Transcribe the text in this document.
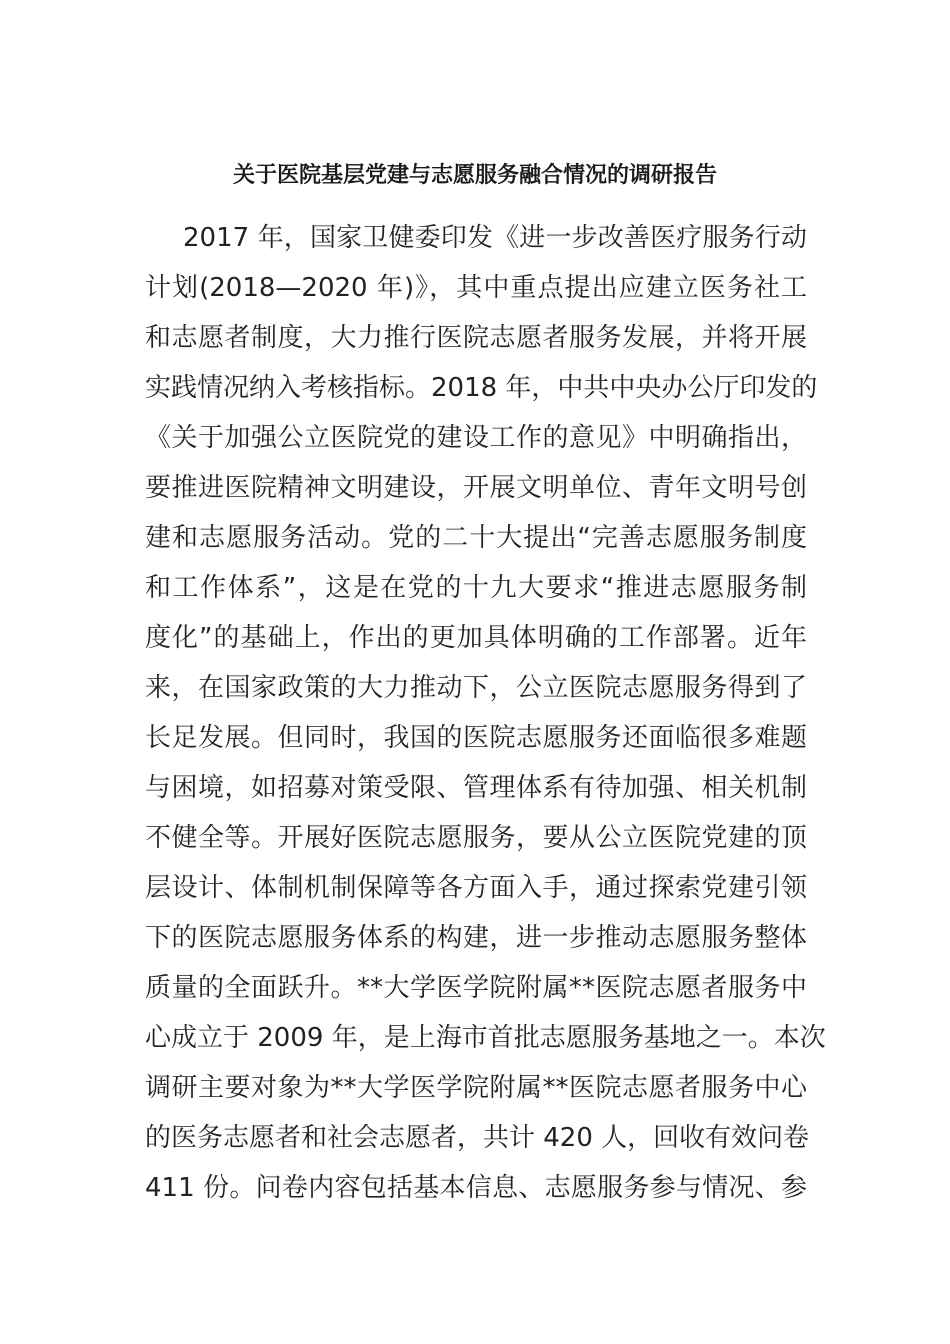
关于医院基层党建与志愿服务融合情况的调研报告
2017 年，国家卫健委印发《进一步改善医疗服务行动
计划(2018—2020 年)》，其中重点提出应建立医务社工
和志愿者制度，大力推行医院志愿者服务发展，并将开展
实践情况纳入考核指标。2018 年，中共中央办公厅印发的
《关于加强公立医院党的建设工作的意见》中明确指出，
要推进医院精神文明建设，开展文明单位、青年文明号创
建和志愿服务活动。党的二十大提出“完善志愿服务制度
和工作体系”，这是在党的十九大要求“推进志愿服务制
度化”的基础上，作出的更加具体明确的工作部署。近年
来，在国家政策的大力推动下，公立医院志愿服务得到了
长足发展。但同时，我国的医院志愿服务还面临很多难题
与困境，如招募对策受限、管理体系有待加强、相关机制
不健全等。开展好医院志愿服务，要从公立医院党建的顶
层设计、体制机制保障等各方面入手，通过探索党建引领
下的医院志愿服务体系的构建，进一步推动志愿服务整体
质量的全面跃升。**大学医学院附属**医院志愿者服务中
心成立于 2009 年，是上海市首批志愿服务基地之一。本次
调研主要对象为**大学医学院附属**医院志愿者服务中心
的医务志愿者和社会志愿者，共计 420 人，回收有效问卷
411 份。问卷内容包括基本信息、志愿服务参与情况、参
